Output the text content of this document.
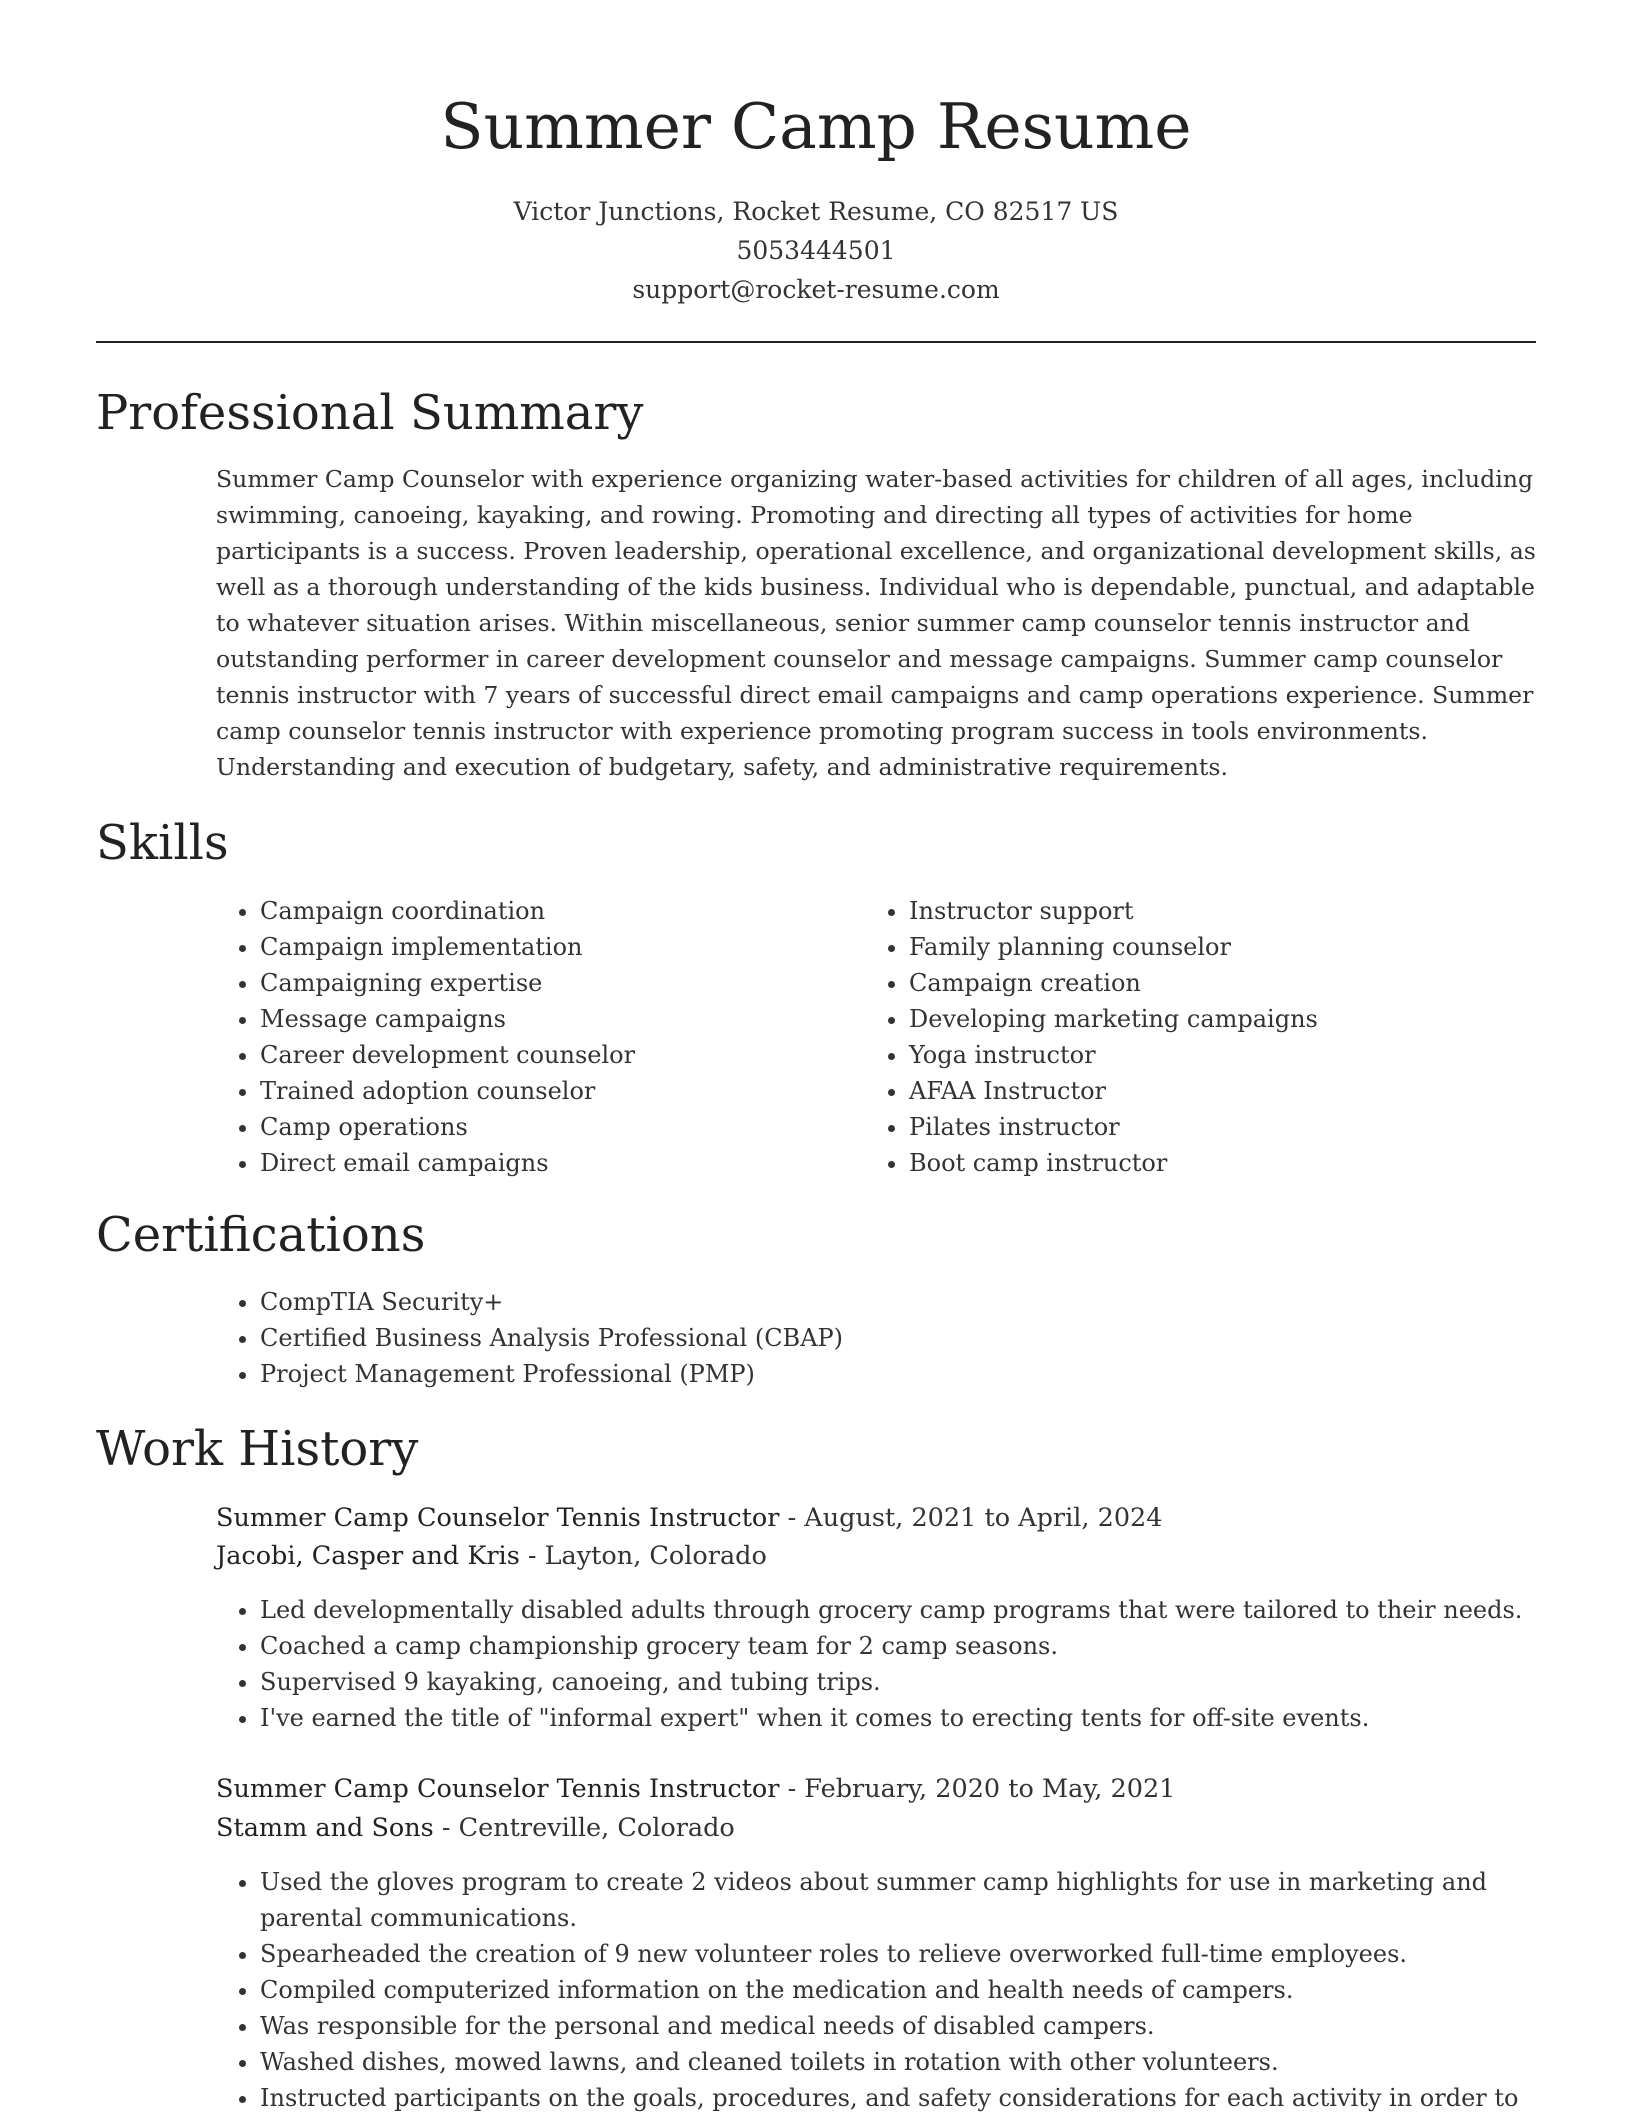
Summer Camp Resume
Victor Junctions, Rocket Resume, CO 82517 US
5053444501
support@rocket-resume.com
Professional Summary

Summer Camp Counselor with experience organizing water-based activities for children of all ages, including swimming, canoeing, kayaking, and rowing. Promoting and directing all types of activities for home participants is a success. Proven leadership, operational excellence, and organizational development skills, as well as a thorough understanding of the kids business. Individual who is dependable, punctual, and adaptable to whatever situation arises. Within miscellaneous, senior summer camp counselor tennis instructor and outstanding performer in career development counselor and message campaigns. Summer camp counselor tennis instructor with 7 years of successful direct email campaigns and camp operations experience. Summer camp counselor tennis instructor with experience promoting program success in tools environments. Understanding and execution of budgetary, safety, and administrative requirements.

Skills
• Campaign coordination
• Campaign implementation
• Campaigning expertise
• Message campaigns
• Career development counselor
• Trained adoption counselor
• Camp operations
• Direct email campaigns
• Instructor support
• Family planning counselor
• Campaign creation
• Developing marketing campaigns
• Yoga instructor
• AFAA Instructor
• Pilates instructor
• Boot camp instructor
Certifications
• CompTIA Security+
• Certified Business Analysis Professional (CBAP)
• Project Management Professional (PMP)
Work History
Summer Camp Counselor Tennis Instructor - August, 2021 to April, 2024
Jacobi, Casper and Kris - Layton, Colorado
• Led developmentally disabled adults through grocery camp programs that were tailored to their needs.
• Coached a camp championship grocery team for 2 camp seasons.
• Supervised 9 kayaking, canoeing, and tubing trips.
• I've earned the title of "informal expert" when it comes to erecting tents for off-site events.
Summer Camp Counselor Tennis Instructor - February, 2020 to May, 2021
Stamm and Sons - Centreville, Colorado
• Used the gloves program to create 2 videos about summer camp highlights for use in marketing and parental communications.
• Spearheaded the creation of 9 new volunteer roles to relieve overworked full-time employees.
• Compiled computerized information on the medication and health needs of campers.
• Was responsible for the personal and medical needs of disabled campers.
• Washed dishes, mowed lawns, and cleaned toilets in rotation with other volunteers.
• Instructed participants on the goals, procedures, and safety considerations for each activity in order to
